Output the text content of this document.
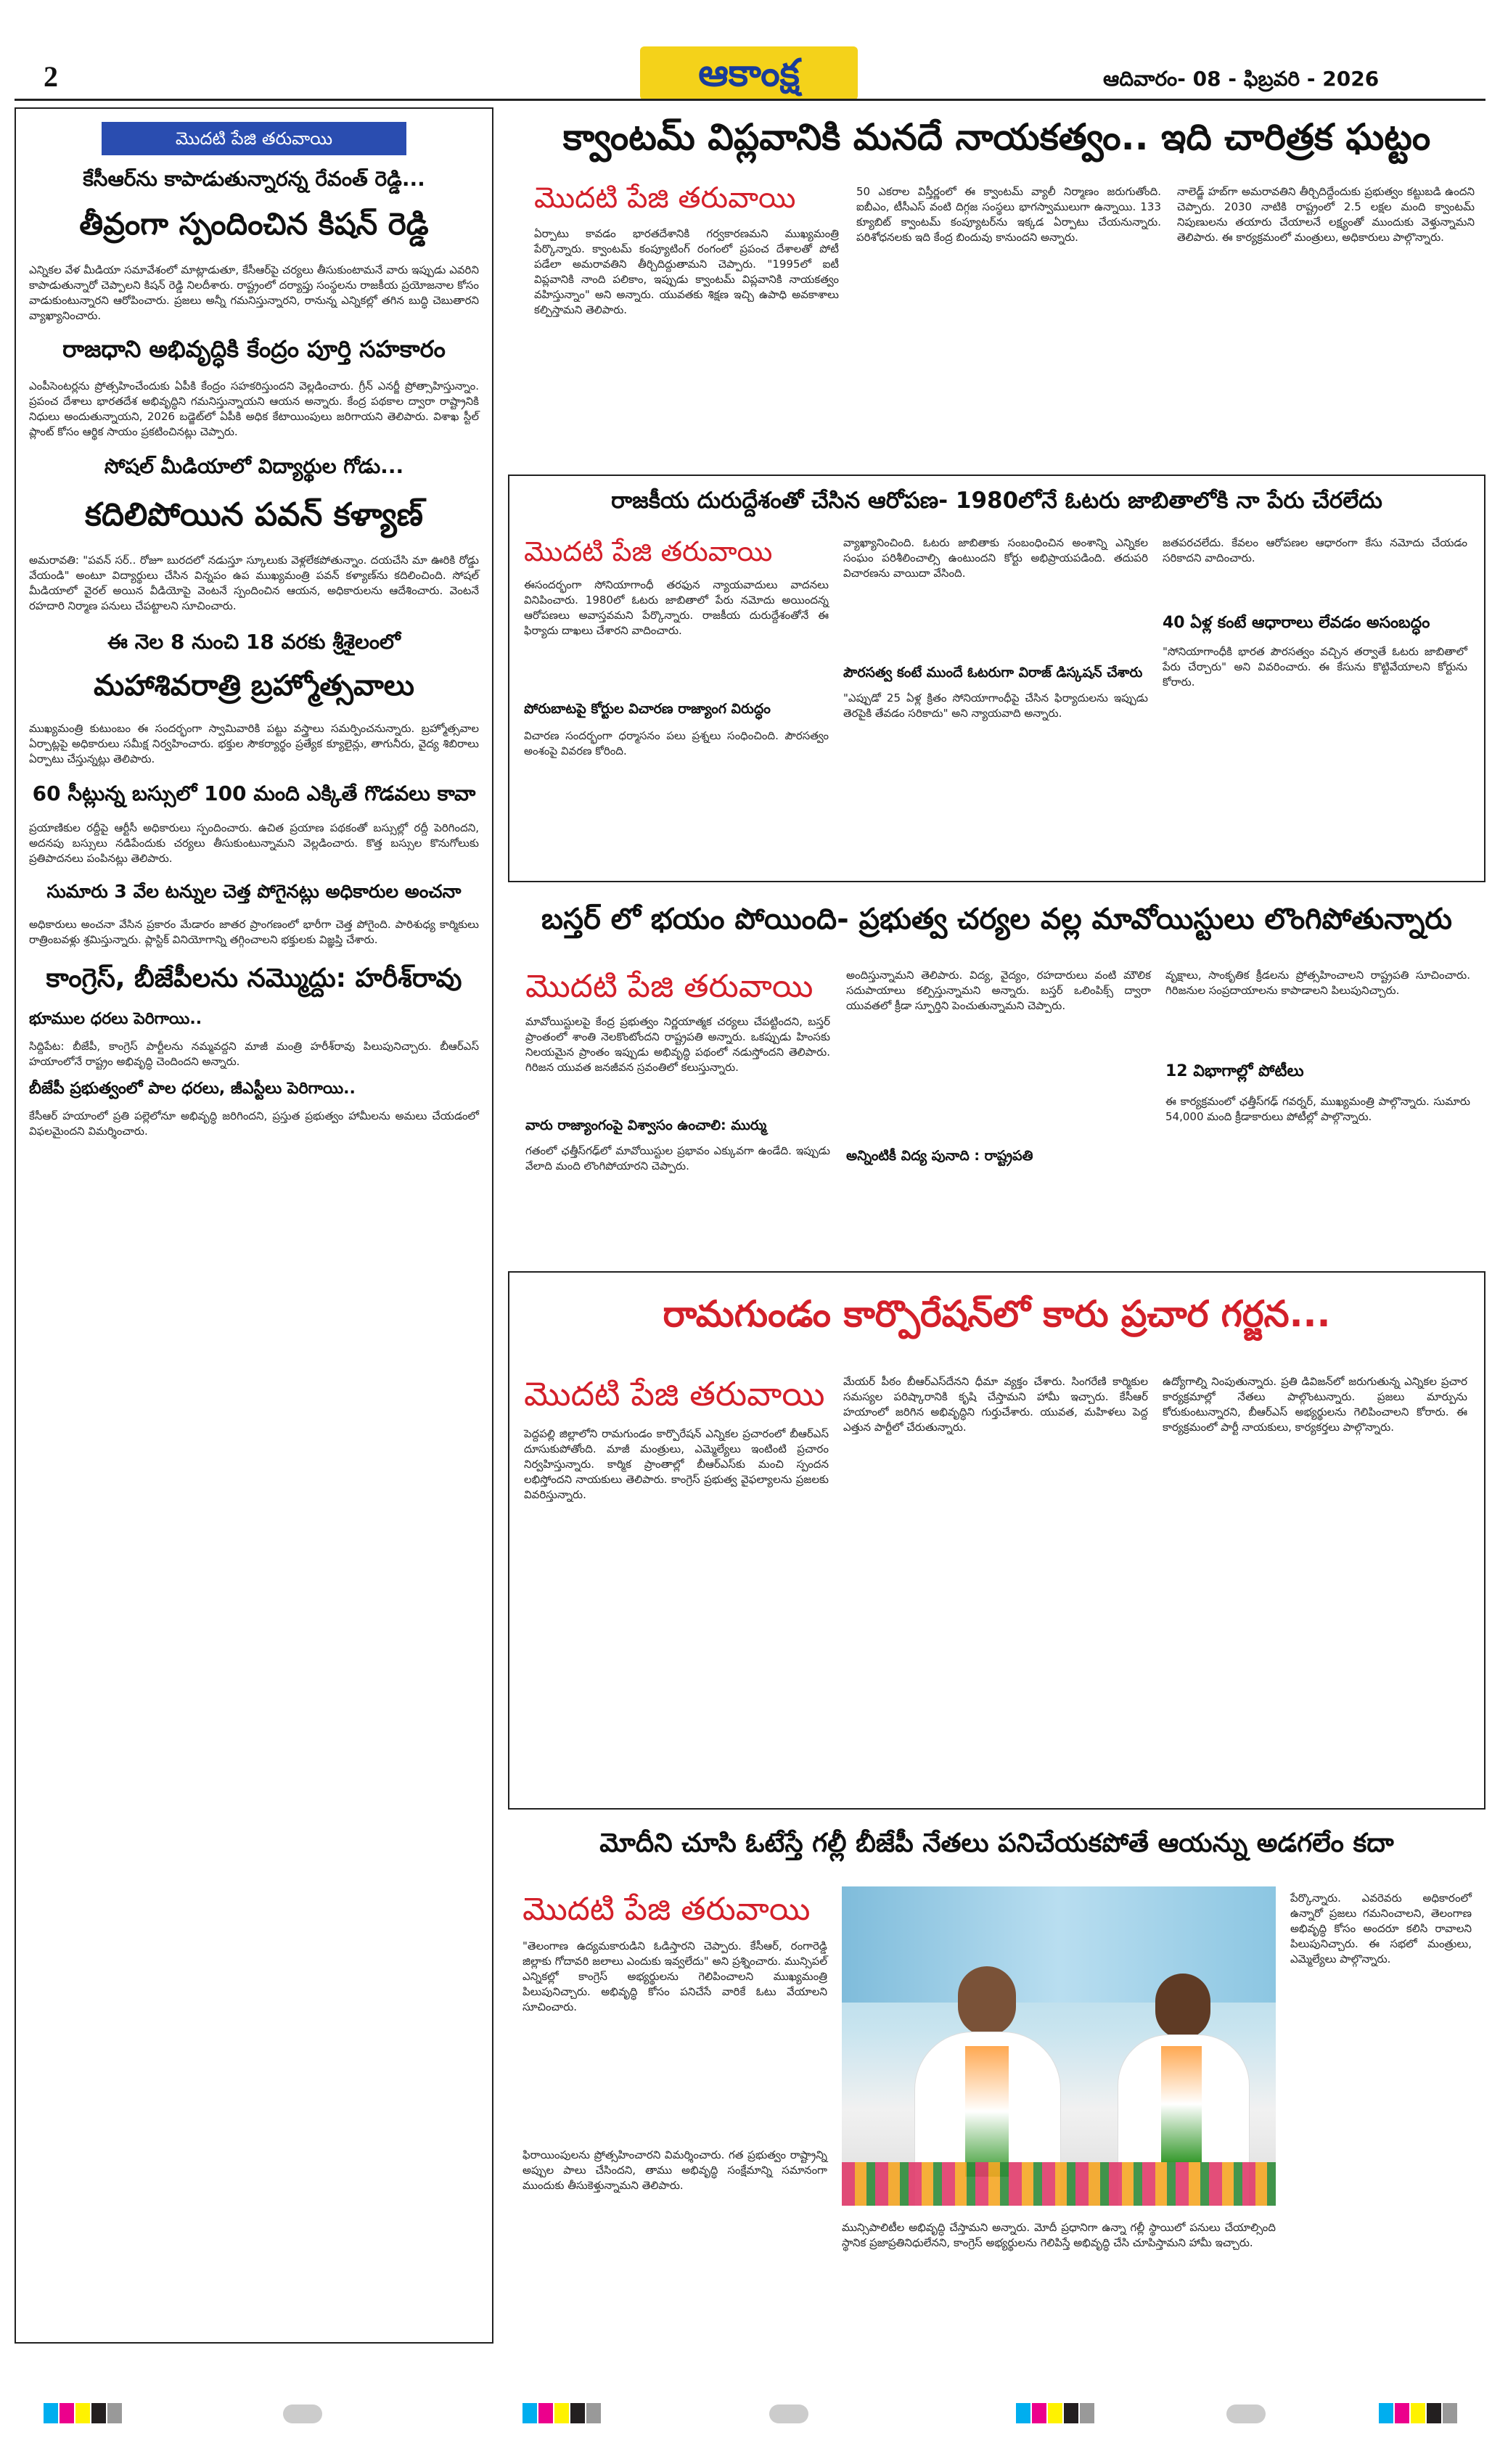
2	ఆకాంక్ష	ఆదివారం- 08 - ఫిబ్రవరి - 2026
మొదటి పేజి తరువాయి

కేసీఆర్‌ను కాపాడుతున్నారన్న రేవంత్ రెడ్డి...

తీవ్రంగా స్పందించిన కిషన్ రెడ్డి

ఎన్నికల వేళ మీడియా సమావేశంలో మాట్లాడుతూ, కేసీఆర్‌పై చర్యలు తీసుకుంటామనే వారు ఇప్పుడు ఎవరిని కాపాడుతున్నారో చెప్పాలని కిషన్ రెడ్డి నిలదీశారు. రాష్ట్రంలో దర్యాప్తు సంస్థలను రాజకీయ ప్రయోజనాల కోసం వాడుకుంటున్నారని ఆరోపించారు. ప్రజలు అన్నీ గమనిస్తున్నారని, రానున్న ఎన్నికల్లో తగిన బుద్ధి చెబుతారని వ్యాఖ్యానించారు.

రాజధాని అభివృద్ధికి కేంద్రం పూర్తి సహకారం

ఎంపీసెంటర్లను ప్రోత్సహించేందుకు ఏపీకి కేంద్రం సహకరిస్తుందని వెల్లడించారు. గ్రీన్ ఎనర్జీ ప్రోత్సాహిస్తున్నాం. ప్రపంచ దేశాలు భారతదేశ అభివృద్ధిని గమనిస్తున్నాయని ఆయన అన్నారు. కేంద్ర పథకాల ద్వారా రాష్ట్రానికి నిధులు అందుతున్నాయని, 2026 బడ్జెట్‌లో ఏపీకి అధిక కేటాయింపులు జరిగాయని తెలిపారు. విశాఖ స్టీల్ ప్లాంట్ కోసం ఆర్థిక సాయం ప్రకటించినట్లు చెప్పారు.

సోషల్ మీడియాలో విద్యార్థుల గోడు...

కదిలిపోయిన పవన్ కళ్యాణ్

అమరావతి: "పవన్ సర్.. రోజూ బురదలో నడుస్తూ స్కూలుకు వెళ్లలేకపోతున్నాం. దయచేసి మా ఊరికి రోడ్డు వేయండి" అంటూ విద్యార్థులు చేసిన విన్నపం ఉప ముఖ్యమంత్రి పవన్ కళ్యాణ్‌ను కదిలించింది. సోషల్ మీడియాలో వైరల్ అయిన వీడియోపై వెంటనే స్పందించిన ఆయన, అధికారులను ఆదేశించారు. వెంటనే రహదారి నిర్మాణ పనులు చేపట్టాలని సూచించారు.

ఈ నెల 8 నుంచి 18 వరకు శ్రీశైలంలో

మహాశివరాత్రి బ్రహ్మోత్సవాలు

ముఖ్యమంత్రి కుటుంబం ఈ సందర్భంగా స్వామివారికి పట్టు వస్త్రాలు సమర్పించనున్నారు. బ్రహ్మోత్సవాల ఏర్పాట్లపై అధికారులు సమీక్ష నిర్వహించారు. భక్తుల సౌకర్యార్థం ప్రత్యేక క్యూలైన్లు, తాగునీరు, వైద్య శిబిరాలు ఏర్పాటు చేస్తున్నట్లు తెలిపారు.

60 సీట్లున్న బస్సులో 100 మంది ఎక్కితే గొడవలు కావా

ప్రయాణికుల రద్దీపై ఆర్టీసీ అధికారులు స్పందించారు. ఉచిత ప్రయాణ పథకంతో బస్సుల్లో రద్దీ పెరిగిందని, అదనపు బస్సులు నడిపేందుకు చర్యలు తీసుకుంటున్నామని వెల్లడించారు. కొత్త బస్సుల కొనుగోలుకు ప్రతిపాదనలు పంపినట్లు తెలిపారు.

సుమారు 3 వేల టన్నుల చెత్త పోగైనట్లు అధికారుల అంచనా

అధికారులు అంచనా వేసిన ప్రకారం మేడారం జాతర ప్రాంగణంలో భారీగా చెత్త పోగైంది. పారిశుధ్య కార్మికులు రాత్రింబవళ్లు శ్రమిస్తున్నారు. ప్లాస్టిక్ వినియోగాన్ని తగ్గించాలని భక్తులకు విజ్ఞప్తి చేశారు.

కాంగ్రెస్, బీజేపీలను నమ్మొద్దు: హరీశ్‌రావు

భూముల ధరలు పెరిగాయి..

సిద్దిపేట: బీజేపీ, కాంగ్రెస్ పార్టీలను నమ్మవద్దని మాజీ మంత్రి హరీశ్‌రావు పిలుపునిచ్చారు. బీఆర్ఎస్ హయాంలోనే రాష్ట్రం అభివృద్ధి చెందిందని అన్నారు.

బీజేపీ ప్రభుత్వంలో పాల ధరలు, జీఎస్టీలు పెరిగాయి..

కేసీఆర్ హయాంలో ప్రతి పల్లెలోనూ అభివృద్ధి జరిగిందని, ప్రస్తుత ప్రభుత్వం హామీలను అమలు చేయడంలో విఫలమైందని విమర్శించారు.

క్వాంటమ్ విప్లవానికి మనదే నాయకత్వం.. ఇది చారిత్రక ఘట్టం

మొదటి పేజి తరువాయి

ఏర్పాటు కావడం భారతదేశానికి గర్వకారణమని ముఖ్యమంత్రి పేర్కొన్నారు. క్వాంటమ్ కంప్యూటింగ్ రంగంలో ప్రపంచ దేశాలతో పోటీ పడేలా అమరావతిని తీర్చిదిద్దుతామని చెప్పారు. "1995లో ఐటీ విప్లవానికి నాంది పలికాం, ఇప్పుడు క్వాంటమ్ విప్లవానికి నాయకత్వం వహిస్తున్నాం" అని అన్నారు. యువతకు శిక్షణ ఇచ్చి ఉపాధి అవకాశాలు కల్పిస్తామని తెలిపారు.

50 ఎకరాల విస్తీర్ణంలో ఈ క్వాంటమ్ వ్యాలీ నిర్మాణం జరుగుతోంది. ఐబీఎం, టీసీఎస్ వంటి దిగ్గజ సంస్థలు భాగస్వాములుగా ఉన్నాయి. 133 క్యూబిట్ క్వాంటమ్ కంప్యూటర్‌ను ఇక్కడ ఏర్పాటు చేయనున్నారు. పరిశోధనలకు ఇది కేంద్ర బిందువు కానుందని అన్నారు.

నాలెడ్జ్ హబ్‌గా అమరావతిని తీర్చిదిద్దేందుకు ప్రభుత్వం కట్టుబడి ఉందని చెప్పారు. 2030 నాటికి రాష్ట్రంలో 2.5 లక్షల మంది క్వాంటమ్ నిపుణులను తయారు చేయాలనే లక్ష్యంతో ముందుకు వెళ్తున్నామని తెలిపారు. ఈ కార్యక్రమంలో మంత్రులు, అధికారులు పాల్గొన్నారు.

రాజకీయ దురుద్దేశంతో చేసిన ఆరోపణ- 1980లోనే ఓటరు జాబితాలోకి నా పేరు చేరలేదు

మొదటి పేజి తరువాయి

ఈసందర్భంగా సోనియాగాంధీ తరఫున న్యాయవాదులు వాదనలు వినిపించారు. 1980లో ఓటరు జాబితాలో పేరు నమోదు అయిందన్న ఆరోపణలు అవాస్తవమని పేర్కొన్నారు. రాజకీయ దురుద్దేశంతోనే ఈ ఫిర్యాదు దాఖలు చేశారని వాదించారు.

పోరుబాటపై కోర్టుల విచారణ రాజ్యాంగ విరుద్ధం

విచారణ సందర్భంగా ధర్మాసనం పలు ప్రశ్నలు సంధించింది. పౌరసత్వం అంశంపై వివరణ కోరింది.

వ్యాఖ్యానించింది. ఓటరు జాబితాకు సంబంధించిన అంశాన్ని ఎన్నికల సంఘం పరిశీలించాల్సి ఉంటుందని కోర్టు అభిప్రాయపడింది. తదుపరి విచారణను వాయిదా వేసింది.

పౌరసత్వ కంటే ముందే ఓటరుగా విరాజ్ డిస్కషన్ చేశారు

"ఎప్పుడో 25 ఏళ్ల క్రితం సోనియాగాంధీపై చేసిన ఫిర్యాదులను ఇప్పుడు తెరపైకి తేవడం సరికాదు" అని న్యాయవాది అన్నారు.

జతపరచలేదు. కేవలం ఆరోపణల ఆధారంగా కేసు నమోదు చేయడం సరికాదని వాదించారు.

40 ఏళ్ల కంటే ఆధారాలు లేవడం అసంబద్ధం

"సోనియాగాంధీకి భారత పౌరసత్వం వచ్చిన తర్వాతే ఓటరు జాబితాలో పేరు చేర్చారు" అని వివరించారు. ఈ కేసును కొట్టివేయాలని కోర్టును కోరారు.

బస్తర్ లో భయం పోయింది- ప్రభుత్వ చర్యల వల్ల మావోయిస్టులు లొంగిపోతున్నారు

మొదటి పేజి తరువాయి

మావోయిస్టులపై కేంద్ర ప్రభుత్వం నిర్ణయాత్మక చర్యలు చేపట్టిందని, బస్తర్ ప్రాంతంలో శాంతి నెలకొంటోందని రాష్ట్రపతి అన్నారు. ఒకప్పుడు హింసకు నిలయమైన ప్రాంతం ఇప్పుడు అభివృద్ధి పథంలో నడుస్తోందని తెలిపారు. గిరిజన యువత జనజీవన స్రవంతిలో కలుస్తున్నారు.

వారు రాజ్యాంగంపై విశ్వాసం ఉంచాలి: ముర్ము

గతంలో ఛత్తీస్‌గఢ్‌లో మావోయిస్టుల ప్రభావం ఎక్కువగా ఉండేది. ఇప్పుడు వేలాది మంది లొంగిపోయారని చెప్పారు.

అందిస్తున్నామని తెలిపారు. విద్య, వైద్యం, రహదారులు వంటి మౌలిక సదుపాయాలు కల్పిస్తున్నామని అన్నారు. బస్తర్ ఒలింపిక్స్ ద్వారా యువతలో క్రీడా స్ఫూర్తిని పెంచుతున్నామని చెప్పారు.

అన్నింటికీ విద్య పునాది : రాష్ట్రపతి

వృక్షాలు, సాంకృతిక క్రీడలను ప్రోత్సహించాలని రాష్ట్రపతి సూచించారు. గిరిజనుల సంప్రదాయాలను కాపాడాలని పిలుపునిచ్చారు.

12 విభాగాల్లో పోటీలు

ఈ కార్యక్రమంలో ఛత్తీస్‌గఢ్ గవర్నర్, ముఖ్యమంత్రి పాల్గొన్నారు. సుమారు 54,000 మంది క్రీడాకారులు పోటీల్లో పాల్గొన్నారు.

రామగుండం కార్పొరేషన్‌లో కారు ప్రచార గర్జన...

మొదటి పేజి తరువాయి

పెద్దపల్లి జిల్లాలోని రామగుండం కార్పొరేషన్ ఎన్నికల ప్రచారంలో బీఆర్ఎస్ దూసుకుపోతోంది. మాజీ మంత్రులు, ఎమ్మెల్యేలు ఇంటింటి ప్రచారం నిర్వహిస్తున్నారు. కార్మిక ప్రాంతాల్లో బీఆర్ఎస్‌కు మంచి స్పందన లభిస్తోందని నాయకులు తెలిపారు. కాంగ్రెస్ ప్రభుత్వ వైఫల్యాలను ప్రజలకు వివరిస్తున్నారు.

మేయర్ పీఠం బీఆర్ఎస్‌దేనని ధీమా వ్యక్తం చేశారు. సింగరేణి కార్మికుల సమస్యల పరిష్కారానికి కృషి చేస్తామని హామీ ఇచ్చారు. కేసీఆర్ హయాంలో జరిగిన అభివృద్ధిని గుర్తుచేశారు. యువత, మహిళలు పెద్ద ఎత్తున పార్టీలో చేరుతున్నారు.

ఉద్యోగాల్ని నింపుతున్నారు. ప్రతి డివిజన్‌లో జరుగుతున్న ఎన్నికల ప్రచార కార్యక్రమాల్లో నేతలు పాల్గొంటున్నారు. ప్రజలు మార్పును కోరుకుంటున్నారని, బీఆర్ఎస్ అభ్యర్థులను గెలిపించాలని కోరారు. ఈ కార్యక్రమంలో పార్టీ నాయకులు, కార్యకర్తలు పాల్గొన్నారు.

మోదీని చూసి ఓటేస్తే గల్లీ బీజేపీ నేతలు పనిచేయకపోతే ఆయన్ను అడగలేం కదా

మొదటి పేజి తరువాయి

"తెలంగాణ ఉద్యమకారుడిని ఓడిస్తారని చెప్పారు. కేసీఆర్, రంగారెడ్డి జిల్లాకు గోదావరి జలాలు ఎందుకు ఇవ్వలేదు" అని ప్రశ్నించారు. మున్సిపల్ ఎన్నికల్లో కాంగ్రెస్ అభ్యర్థులను గెలిపించాలని ముఖ్యమంత్రి పిలుపునిచ్చారు. అభివృద్ధి కోసం పనిచేసే వారికే ఓటు వేయాలని సూచించారు.

ఫిరాయింపులను ప్రోత్సహించారని విమర్శించారు. గత ప్రభుత్వం రాష్ట్రాన్ని అప్పుల పాలు చేసిందని, తాము అభివృద్ధి సంక్షేమాన్ని సమానంగా ముందుకు తీసుకెళ్తున్నామని తెలిపారు.

మున్సిపాలిటీల అభివృద్ధి చేస్తామని అన్నారు. మోదీ ప్రధానిగా ఉన్నా గల్లీ స్థాయిలో పనులు చేయాల్సింది స్థానిక ప్రజాప్రతినిధులేనని, కాంగ్రెస్ అభ్యర్థులను గెలిపిస్తే అభివృద్ధి చేసి చూపిస్తామని హామీ ఇచ్చారు.

పేర్కొన్నారు. ఎవరెవరు అధికారంలో ఉన్నారో ప్రజలు గమనించాలని, తెలంగాణ అభివృద్ధి కోసం అందరూ కలిసి రావాలని పిలుపునిచ్చారు. ఈ సభలో మంత్రులు, ఎమ్మెల్యేలు పాల్గొన్నారు.
